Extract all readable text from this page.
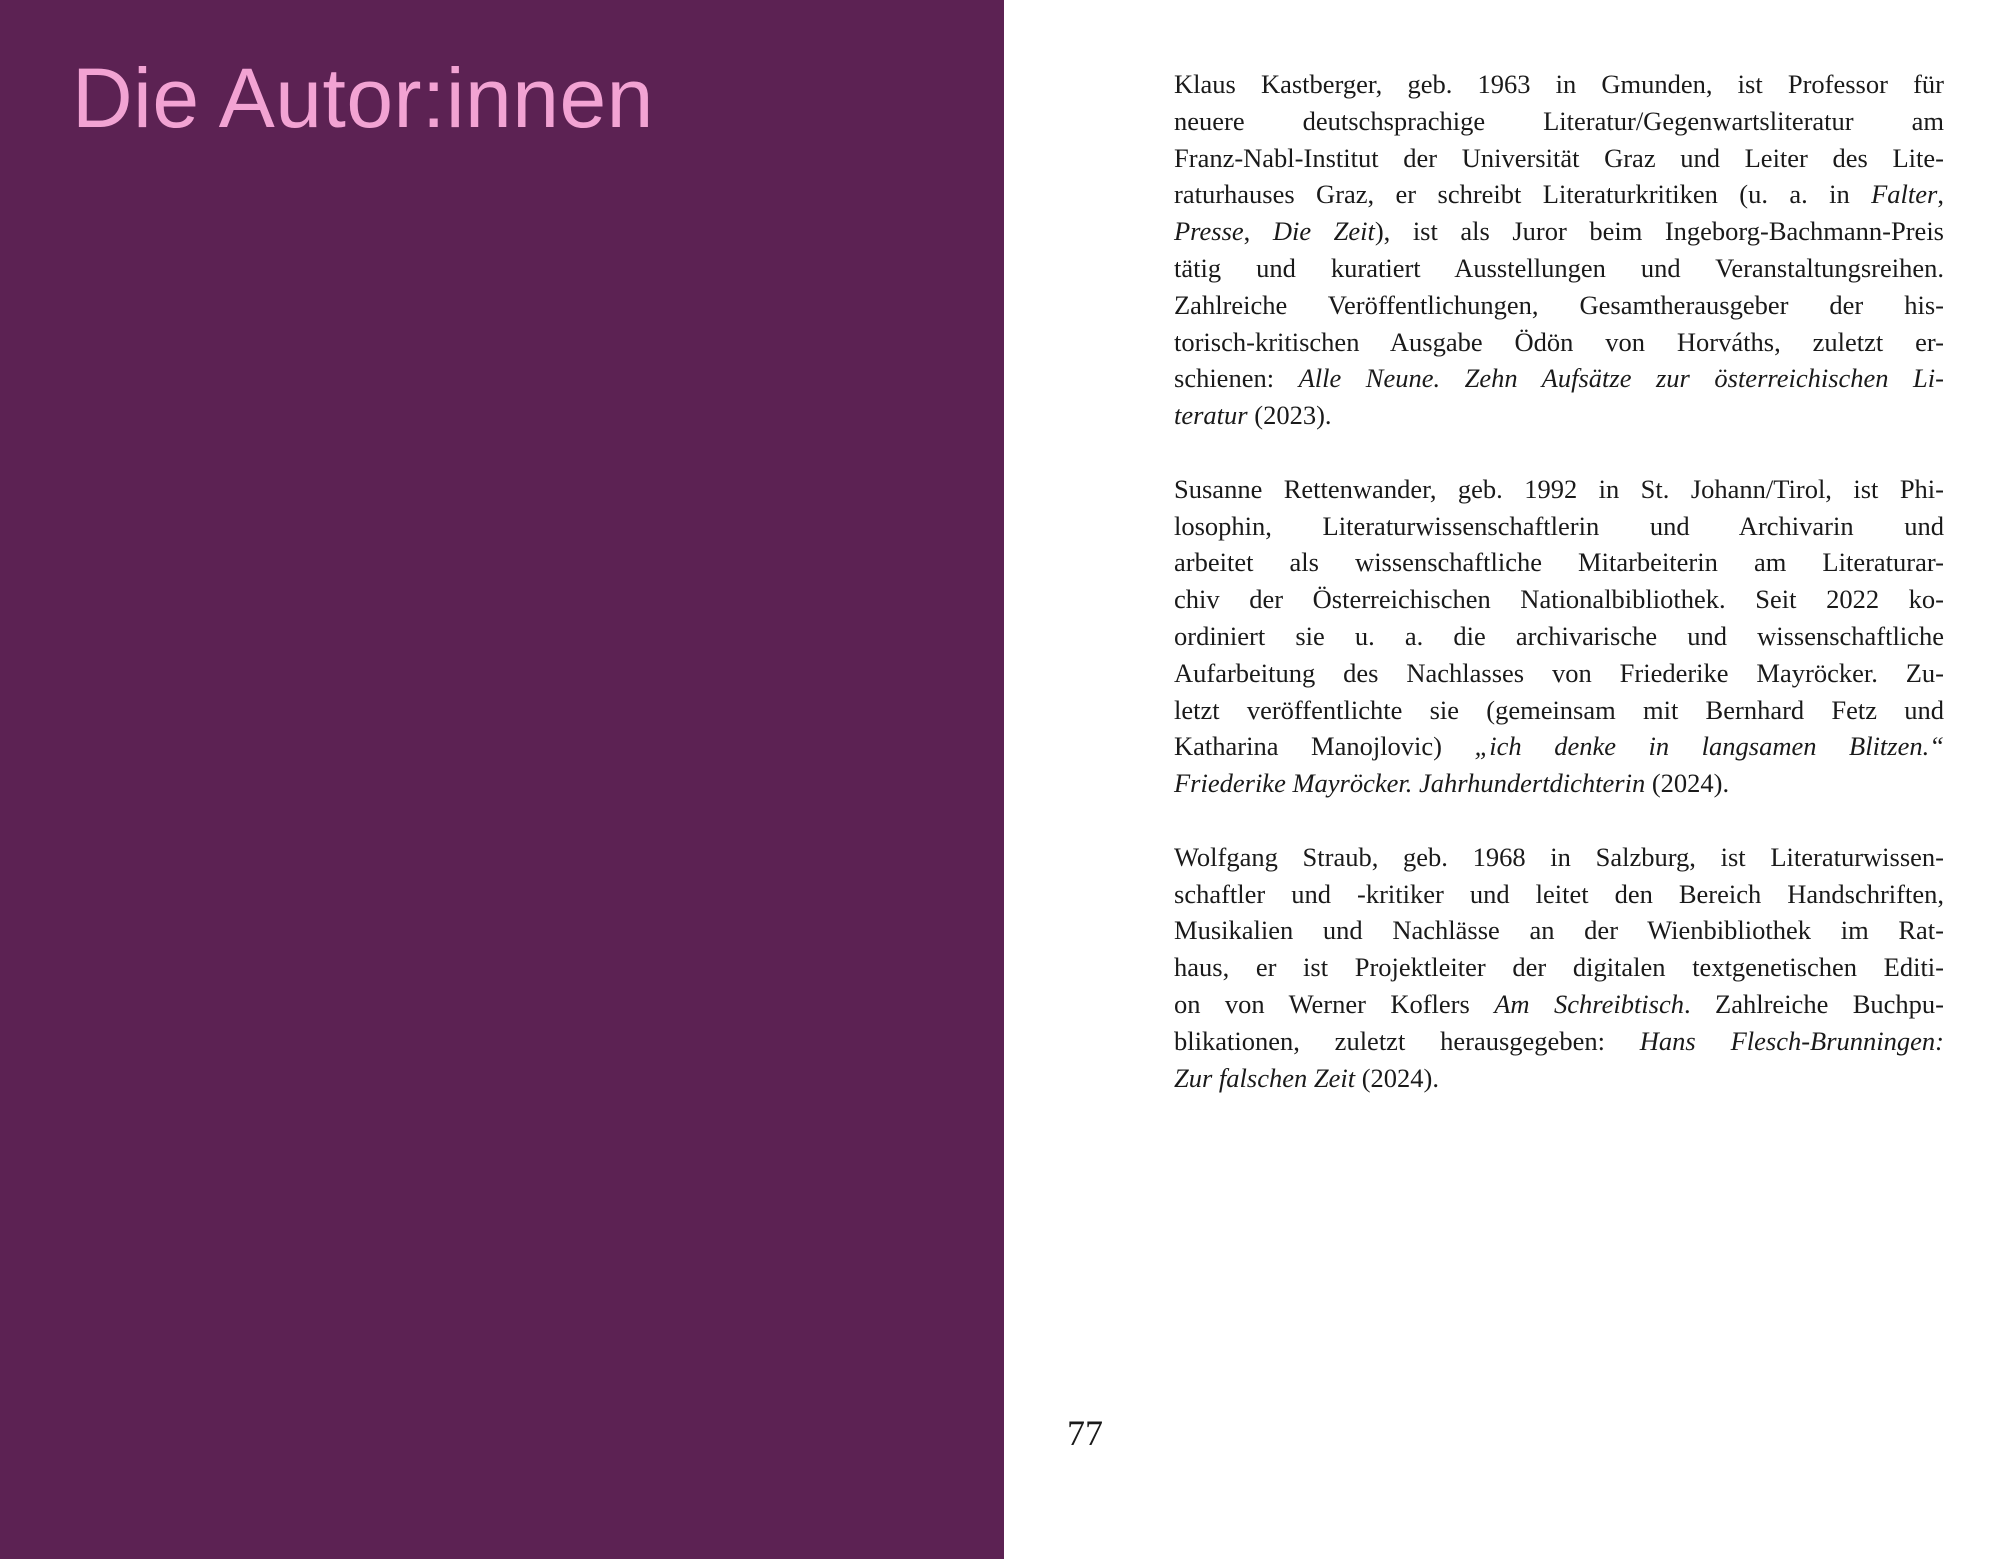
Die Autor:innen	Klaus Kastberger, geb. 1963 in Gmunden, ist Professor für
neuere deutschsprachige Literatur/Gegenwartsliteratur am
Franz-Nabl-Institut der Universität Graz und Leiter des Lite-
raturhauses Graz, er schreibt Literaturkritiken (u. a. in Falter,
Presse, Die Zeit), ist als Juror beim Ingeborg-Bachmann-Preis
tätig und kuratiert Ausstellungen und Veranstaltungsreihen.
Zahlreiche Veröffentlichungen, Gesamtherausgeber der his-
torisch-kritischen Ausgabe Ödön von Horváths, zuletzt er-
schienen: Alle Neune. Zehn Aufsätze zur österreichischen Li-
teratur (2023).
Susanne Rettenwander, geb. 1992 in St. Johann/Tirol, ist Phi-
losophin, Literaturwissenschaftlerin und Archivarin und
arbeitet als wissenschaftliche Mitarbeiterin am Literaturar-
chiv der Österreichischen Nationalbibliothek. Seit 2022 ko-
ordiniert sie u. a. die archivarische und wissenschaftliche
Aufarbeitung des Nachlasses von Friederike Mayröcker. Zu-
letzt veröffentlichte sie (gemeinsam mit Bernhard Fetz und
Katharina Manojlovic) „ich denke in langsamen Blitzen.“
Friederike Mayröcker. Jahrhundertdichterin (2024).
Wolfgang Straub, geb. 1968 in Salzburg, ist Literaturwissen-
schaftler und -kritiker und leitet den Bereich Handschriften,
Musikalien und Nachlässe an der Wienbibliothek im Rat-
haus, er ist Projektleiter der digitalen textgenetischen Editi-
on von Werner Koflers Am Schreibtisch. Zahlreiche Buchpu-
blikationen, zuletzt herausgegeben: Hans Flesch-Brunningen:
Zur falschen Zeit (2024).
77
